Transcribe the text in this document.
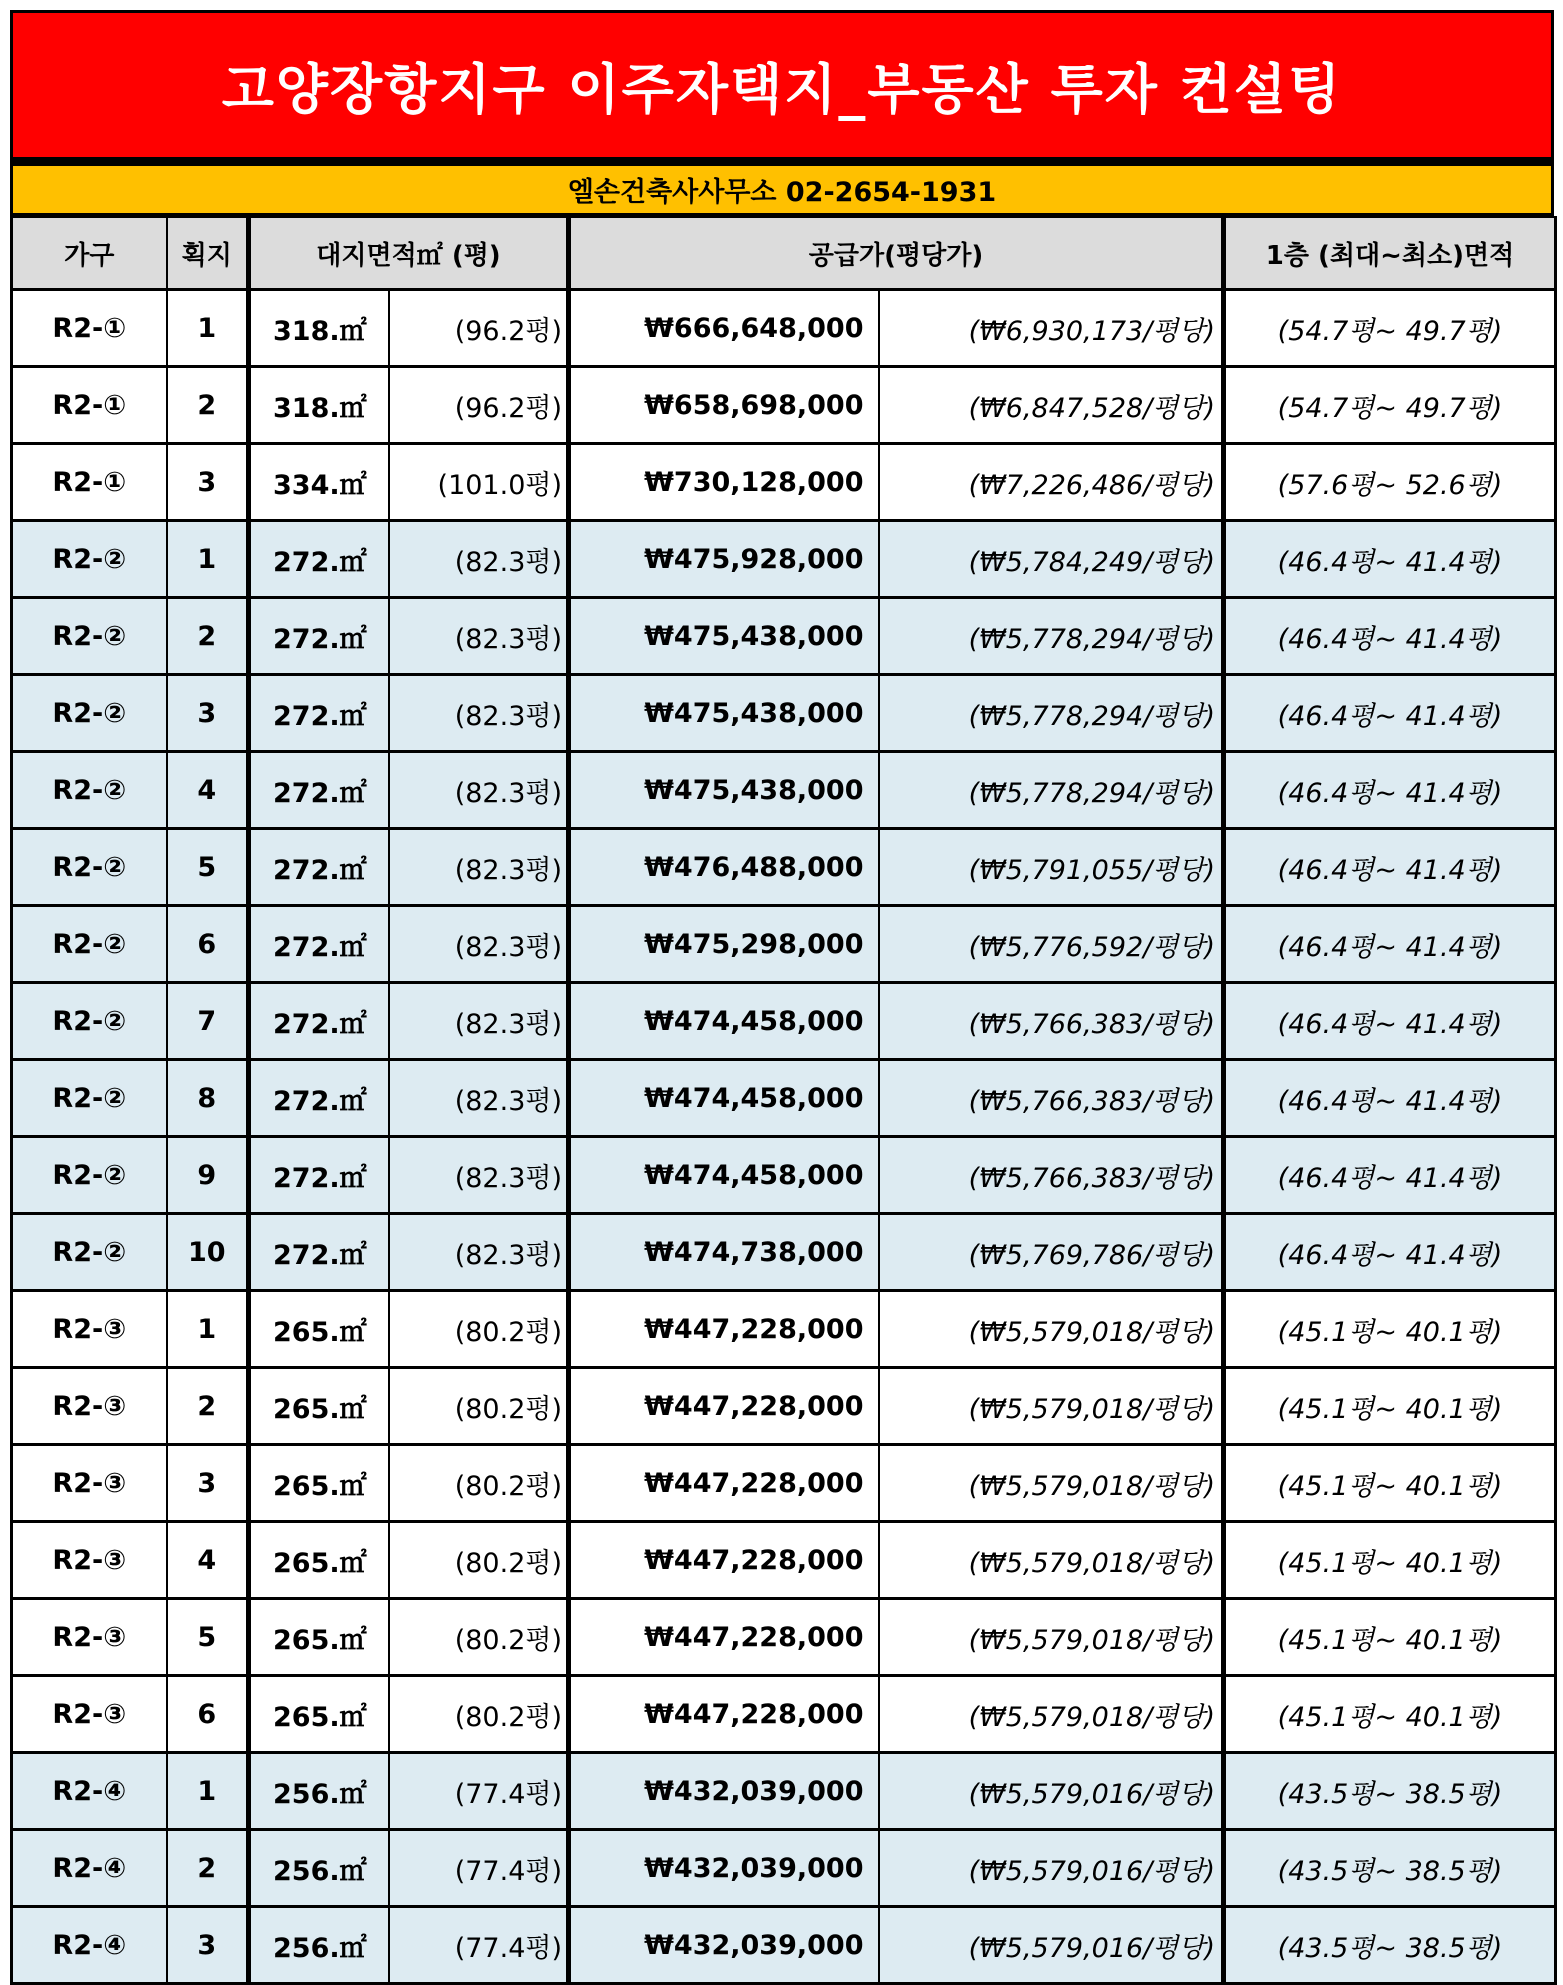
고양장항지구 이주자택지_부동산 투자 컨설팅
엘손건축사사무소 02-2654-1931
가구	획지	대지면적㎡ (평)		공급가(평당가)		1층 (최대~최소)면적
R2-①	1	318.㎡	(96.2평)	₩666,648,000	(₩6,930,173/평당)	(54.7평~ 49.7평)
R2-①	2	318.㎡	(96.2평)	₩658,698,000	(₩6,847,528/평당)	(54.7평~ 49.7평)
R2-①	3	334.㎡	(101.0평)	₩730,128,000	(₩7,226,486/평당)	(57.6평~ 52.6평)
R2-②	1	272.㎡	(82.3평)	₩475,928,000	(₩5,784,249/평당)	(46.4평~ 41.4평)
R2-②	2	272.㎡	(82.3평)	₩475,438,000	(₩5,778,294/평당)	(46.4평~ 41.4평)
R2-②	3	272.㎡	(82.3평)	₩475,438,000	(₩5,778,294/평당)	(46.4평~ 41.4평)
R2-②	4	272.㎡	(82.3평)	₩475,438,000	(₩5,778,294/평당)	(46.4평~ 41.4평)
R2-②	5	272.㎡	(82.3평)	₩476,488,000	(₩5,791,055/평당)	(46.4평~ 41.4평)
R2-②	6	272.㎡	(82.3평)	₩475,298,000	(₩5,776,592/평당)	(46.4평~ 41.4평)
R2-②	7	272.㎡	(82.3평)	₩474,458,000	(₩5,766,383/평당)	(46.4평~ 41.4평)
R2-②	8	272.㎡	(82.3평)	₩474,458,000	(₩5,766,383/평당)	(46.4평~ 41.4평)
R2-②	9	272.㎡	(82.3평)	₩474,458,000	(₩5,766,383/평당)	(46.4평~ 41.4평)
R2-②	10	272.㎡	(82.3평)	₩474,738,000	(₩5,769,786/평당)	(46.4평~ 41.4평)
R2-③	1	265.㎡	(80.2평)	₩447,228,000	(₩5,579,018/평당)	(45.1평~ 40.1평)
R2-③	2	265.㎡	(80.2평)	₩447,228,000	(₩5,579,018/평당)	(45.1평~ 40.1평)
R2-③	3	265.㎡	(80.2평)	₩447,228,000	(₩5,579,018/평당)	(45.1평~ 40.1평)
R2-③	4	265.㎡	(80.2평)	₩447,228,000	(₩5,579,018/평당)	(45.1평~ 40.1평)
R2-③	5	265.㎡	(80.2평)	₩447,228,000	(₩5,579,018/평당)	(45.1평~ 40.1평)
R2-③	6	265.㎡	(80.2평)	₩447,228,000	(₩5,579,018/평당)	(45.1평~ 40.1평)
R2-④	1	256.㎡	(77.4평)	₩432,039,000	(₩5,579,016/평당)	(43.5평~ 38.5평)
R2-④	2	256.㎡	(77.4평)	₩432,039,000	(₩5,579,016/평당)	(43.5평~ 38.5평)
R2-④	3	256.㎡	(77.4평)	₩432,039,000	(₩5,579,016/평당)	(43.5평~ 38.5평)
